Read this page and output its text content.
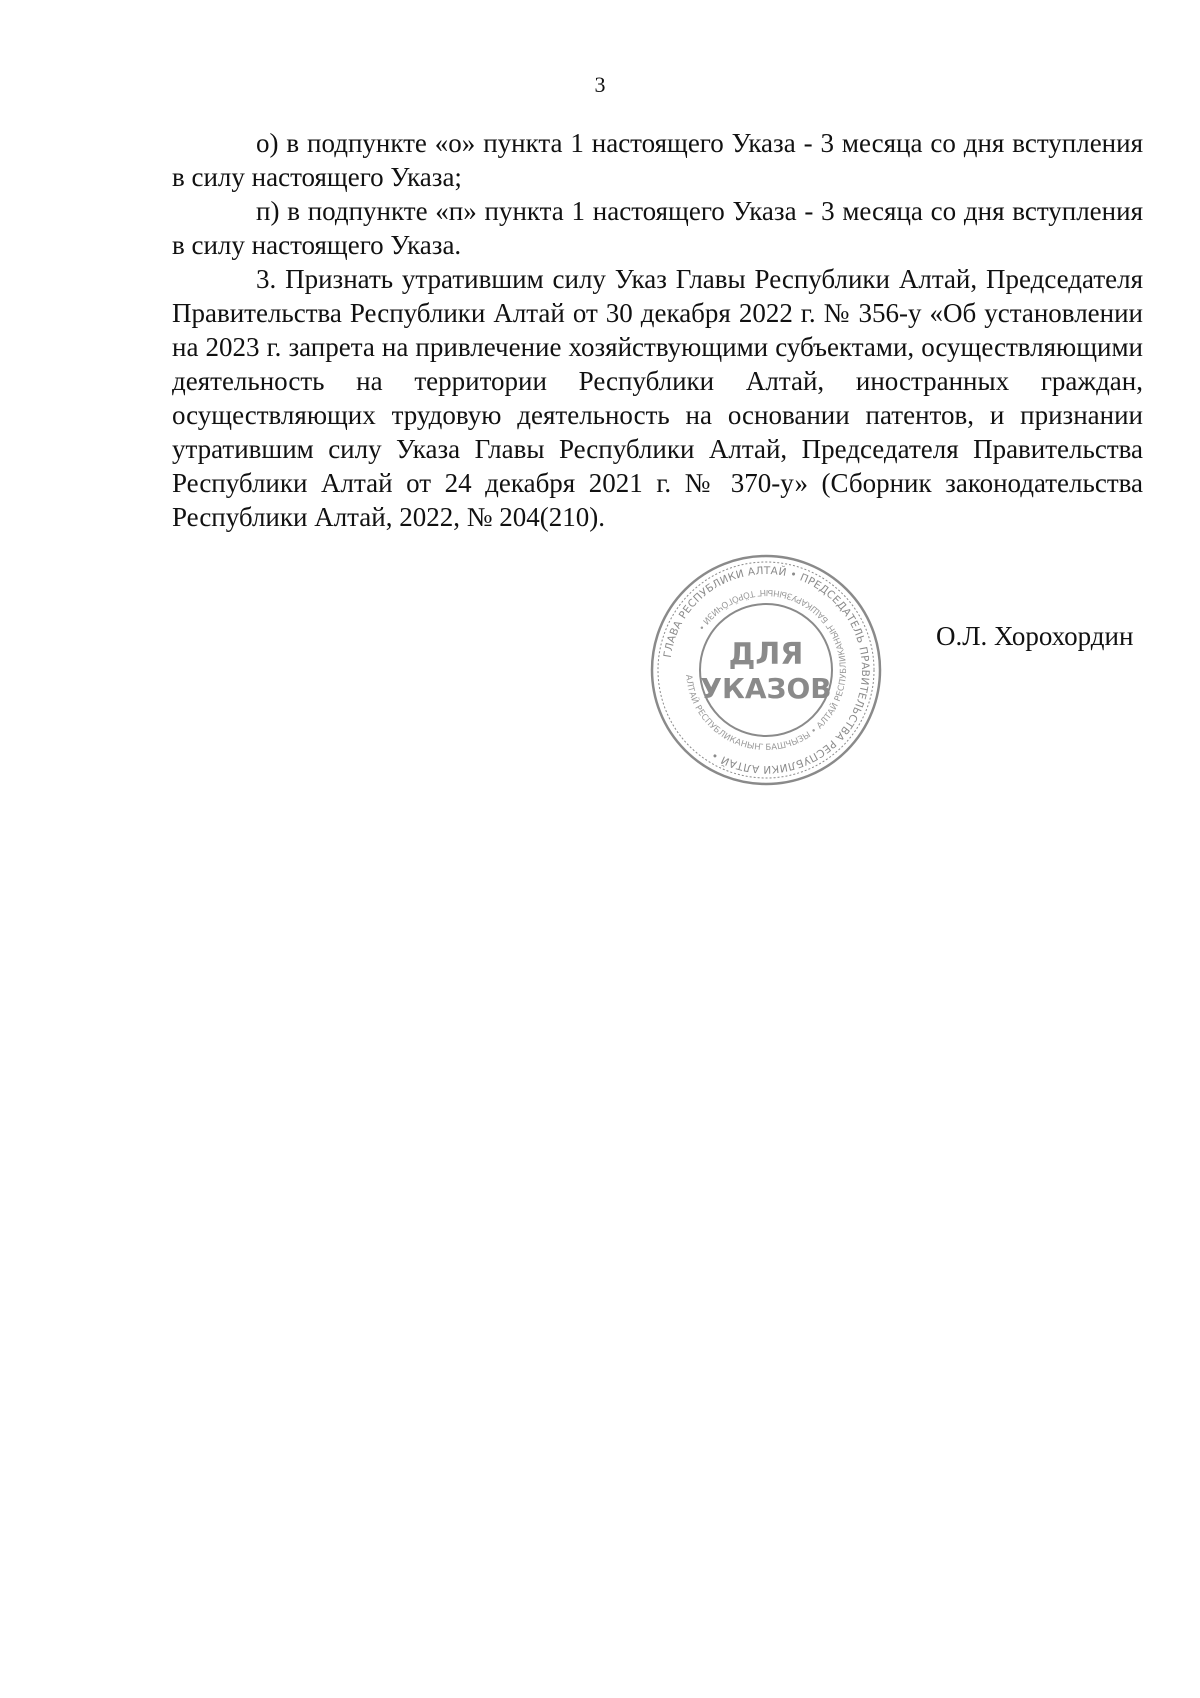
3

о) в подпункте «о» пункта 1 настоящего Указа - 3 месяца со дня вступления в силу настоящего Указа;

п) в подпункте «п» пункта 1 настоящего Указа - 3 месяца со дня вступления в силу настоящего Указа.

3. Признать утратившим силу Указ Главы Республики Алтай, Председателя Правительства Республики Алтай от 30 декабря 2022 г. № 356-у «Об установлении на 2023 г. запрета на привлечение хозяйствующими субъектами, осуществляющими деятельность на территории Республики Алтай, иностранных граждан, осуществляющих трудовую деятельность на основании патентов, и признании утратившим силу Указа Главы Республики Алтай, Председателя Правительства Республики Алтай от 24 декабря 2021 г. № 370-у» (Сборник законодательства Республики Алтай, 2022, № 204(210).

ГЛАВА РЕСПУБЛИКИ АЛТАЙ • ПРЕДСЕДАТЕЛЬ ПРАВИТЕЛЬСТВА РЕСПУБЛИКИ АЛТАЙ •
АЛТАЙ РЕСПУБЛИКАНЫҤ БАШЧЫЗЫ • АЛТАЙ РЕСПУБЛИКАНЫҤ БАШКАРУЗЫНЫҤ ТӦРӦГӦЧИЗИ •
ДЛЯ
УКАЗОВ
О.Л. Хорохордин
